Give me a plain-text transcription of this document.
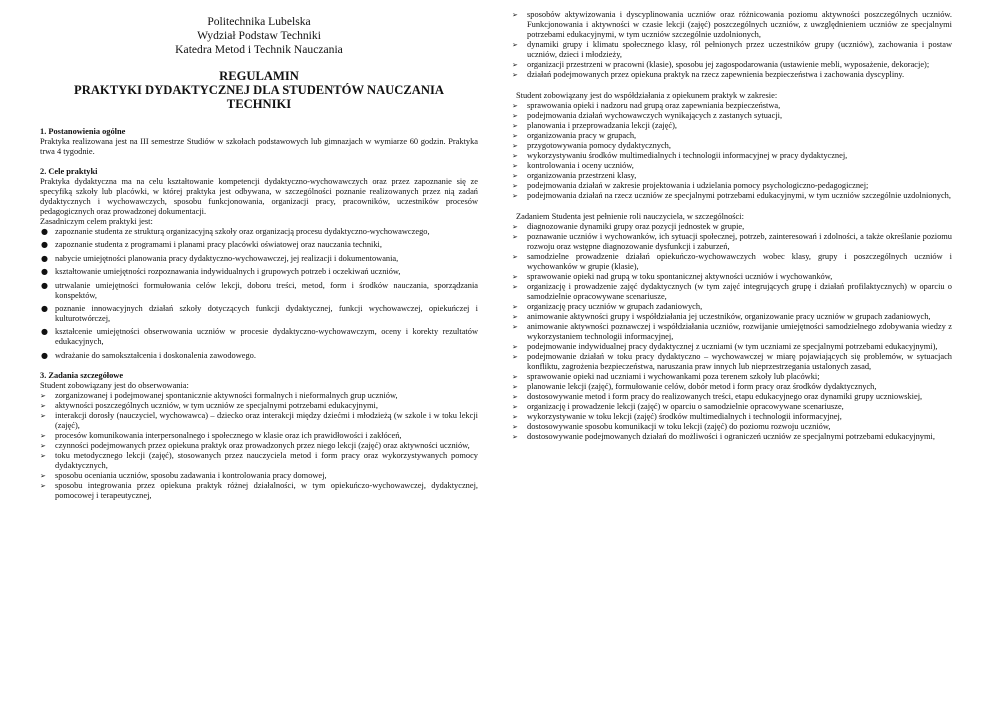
Politechnika Lubelska
Wydział Podstaw Techniki
Katedra Metod i Technik Nauczania
REGULAMIN
PRAKTYKI DYDAKTYCZNEJ DLA STUDENTÓW NAUCZANIA
TECHNIKI
1. Postanowienia ogólne

Praktyka realizowana jest na III semestrze Studiów w szkołach podstawowych lub gimnazjach w wymiarze 60 godzin. Praktyka trwa 4 tygodnie.

2. Cele praktyki

Praktyka dydaktyczna ma na celu kształtowanie kompetencji dydaktyczno-wychowawczych oraz przez zapoznanie się ze specyfiką szkoły lub placówki, w której praktyka jest odbywana, w szczególności poznanie realizowanych przez nią zadań dydaktycznych i wychowawczych, sposobu funkcjonowania, organizacji pracy, pracowników, uczestników procesów pedagogicznych oraz prowadzonej dokumentacji.

Zasadniczym celem praktyki jest:

● zapoznanie studenta ze strukturą organizacyjną szkoły oraz organizacją procesu dydaktyczno-wychowawczego,
● zapoznanie studenta z programami i planami pracy placówki oświatowej oraz nauczania techniki,
● nabycie umiejętności planowania pracy dydaktyczno-wychowawczej, jej realizacji i dokumentowania,
● kształtowanie umiejętności rozpoznawania indywidualnych i grupowych potrzeb i oczekiwań uczniów,
● utrwalanie umiejętności formułowania celów lekcji, doboru treści, metod, form i środków nauczania, sporządzania konspektów,
● poznanie innowacyjnych działań szkoły dotyczących funkcji dydaktycznej, funkcji wychowawczej, opiekuńczej i kulturotwórczej,
● kształcenie umiejętności obserwowania uczniów w procesie dydaktyczno-wychowawczym, oceny i korekty rezultatów edukacyjnych,
● wdrażanie do samokształcenia i doskonalenia zawodowego.
3. Zadania szczegółowe

Student zobowiązany jest do obserwowania:

➢ zorganizowanej i podejmowanej spontanicznie aktywności formalnych i nieformalnych grup uczniów,
➢ aktywności poszczególnych uczniów, w tym uczniów ze specjalnymi potrzebami edukacyjnymi,
➢ interakcji dorosły (nauczyciel, wychowawca) – dziecko oraz interakcji między dziećmi i młodzieżą (w szkole i w toku lekcji (zajęć),
➢ procesów komunikowania interpersonalnego i społecznego w klasie oraz ich prawidłowości i zakłóceń,
➢ czynności podejmowanych przez opiekuna praktyk oraz prowadzonych przez niego lekcji (zajęć) oraz aktywności uczniów,
➢ toku metodycznego lekcji (zajęć), stosowanych przez nauczyciela metod i form pracy oraz wykorzystywanych pomocy dydaktycznych,
➢ sposobu oceniania uczniów, sposobu zadawania i kontrolowania pracy domowej,
➢ sposobu integrowania przez opiekuna praktyk różnej działalności, w tym opiekuńczo-wychowawczej, dydaktycznej, pomocowej i terapeutycznej,
➢ sposobów aktywizowania i dyscyplinowania uczniów oraz różnicowania poziomu aktywności poszczególnych uczniów. Funkcjonowania i aktywności w czasie lekcji (zajęć) poszczególnych uczniów, z uwzględnieniem uczniów ze specjalnymi potrzebami edukacyjnymi, w tym uczniów szczególnie uzdolnionych,
➢ dynamiki grupy i klimatu społecznego klasy, ról pełnionych przez uczestników grupy (uczniów), zachowania i postaw uczniów, dzieci i młodzieży,
➢ organizacji przestrzeni w pracowni (klasie), sposobu jej zagospodarowania (ustawienie mebli, wyposażenie, dekoracje);
➢ działań podejmowanych przez opiekuna praktyk na rzecz zapewnienia bezpieczeństwa i zachowania dyscypliny.
Student zobowiązany jest do współdziałania z opiekunem praktyk w zakresie:
➢ sprawowania opieki i nadzoru nad grupą oraz zapewniania bezpieczeństwa,
➢ podejmowania działań wychowawczych wynikających z zastanych sytuacji,
➢ planowania i przeprowadzania lekcji (zajęć),
➢ organizowania pracy w grupach,
➢ przygotowywania pomocy dydaktycznych,
➢ wykorzystywaniu środków multimedialnych i technologii informacyjnej w pracy dydaktycznej,
➢ kontrolowania i oceny uczniów,
➢ organizowania przestrzeni klasy,
➢ podejmowania działań w zakresie projektowania i udzielania pomocy psychologiczno-pedagogicznej;
➢ podejmowania działań na rzecz uczniów ze specjalnymi potrzebami edukacyjnymi, w tym uczniów szczególnie uzdolnionych,
Zadaniem Studenta jest pełnienie roli nauczyciela, w szczególności:
➢ diagnozowanie dynamiki grupy oraz pozycji jednostek w grupie,
➢ poznawanie uczniów i wychowanków, ich sytuacji społecznej, potrzeb, zainteresowań i zdolności, a także określanie poziomu rozwoju oraz wstępne diagnozowanie dysfunkcji i zaburzeń,
➢ samodzielne prowadzenie działań opiekuńczo-wychowawczych wobec klasy, grupy i poszczególnych uczniów i wychowanków w grupie (klasie),
➢ sprawowanie opieki nad grupą w toku spontanicznej aktywności uczniów i wychowanków,
➢ organizację i prowadzenie zajęć dydaktycznych (w tym zajęć integrujących grupę i działań profilaktycznych) w oparciu o samodzielnie opracowywane scenariusze,
➢ organizację pracy uczniów w grupach zadaniowych,
➢ animowanie aktywności grupy i współdziałania jej uczestników, organizowanie pracy uczniów w grupach zadaniowych,
➢ animowanie aktywności poznawczej i współdziałania uczniów, rozwijanie umiejętności samodzielnego zdobywania wiedzy z wykorzystaniem technologii informacyjnej,
➢ podejmowanie indywidualnej pracy dydaktycznej z uczniami (w tym uczniami ze specjalnymi potrzebami edukacyjnymi),
➢ podejmowanie działań w toku pracy dydaktyczno – wychowawczej w miarę pojawiających się problemów, w sytuacjach konfliktu, zagrożenia bezpieczeństwa, naruszania praw innych lub nieprzestrzegania ustalonych zasad,
➢ sprawowanie opieki nad uczniami i wychowankami poza terenem szkoły lub placówki;
➢ planowanie lekcji (zajęć), formułowanie celów, dobór metod i form pracy oraz środków dydaktycznych,
➢ dostosowywanie metod i form pracy do realizowanych treści, etapu edukacyjnego oraz dynamiki grupy uczniowskiej,
➢ organizację i prowadzenie lekcji (zajęć) w oparciu o samodzielnie opracowywane scenariusze,
➢ wykorzystywanie w toku lekcji (zajęć) środków multimedialnych i technologii informacyjnej,
➢ dostosowywanie sposobu komunikacji w toku lekcji (zajęć) do poziomu rozwoju uczniów,
➢ dostosowywanie podejmowanych działań do możliwości i ograniczeń uczniów ze specjalnymi potrzebami edukacyjnymi,
